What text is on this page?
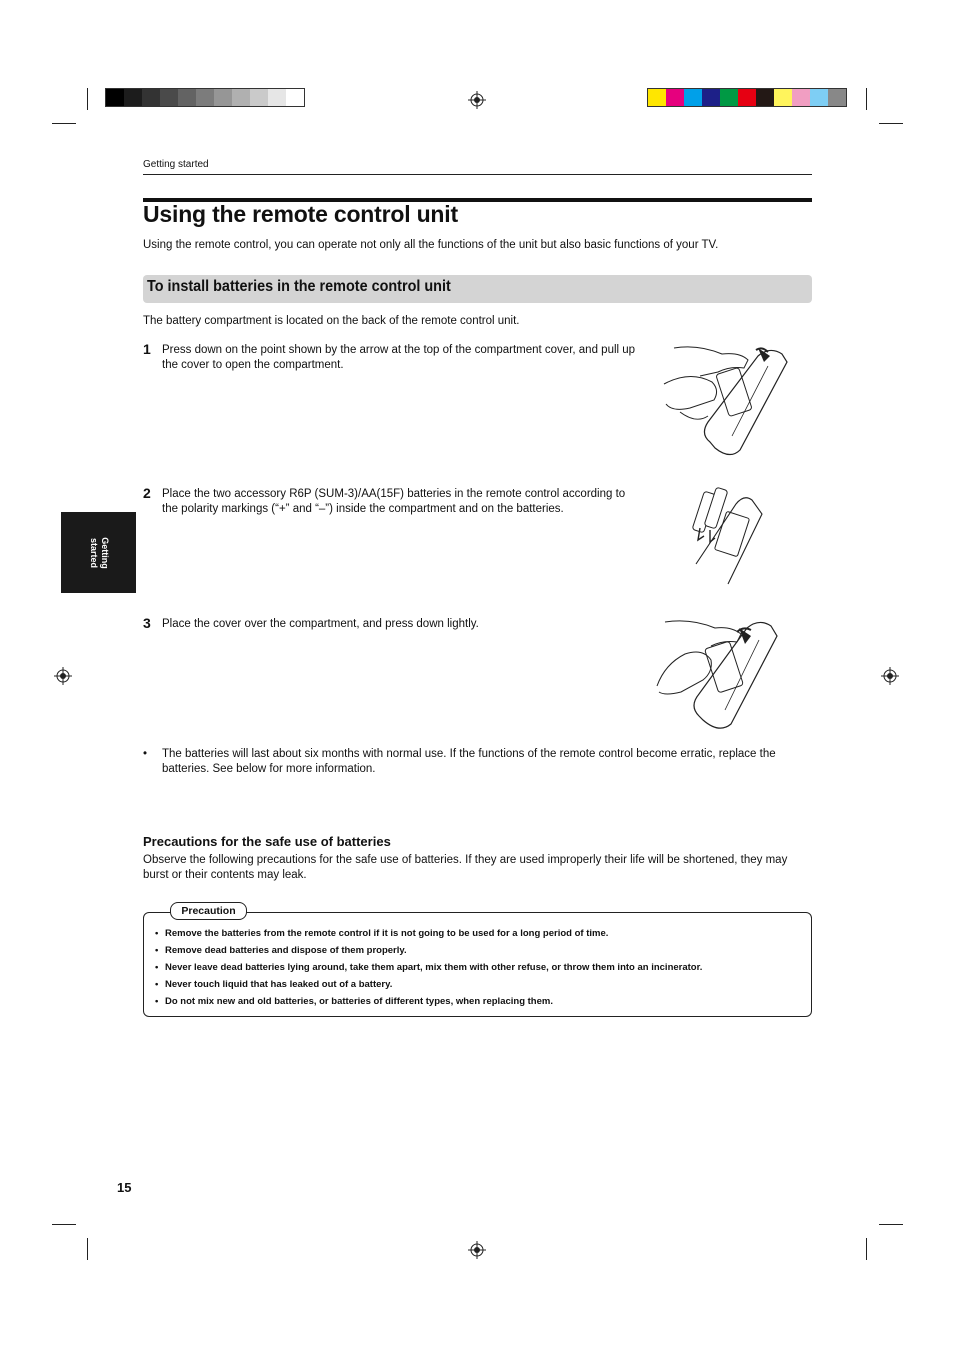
Getting started
Using the remote control unit
Using the remote control, you can operate not only all the functions of the unit but also basic functions of your TV.
To install batteries in the remote control unit
The battery compartment is located on the back of the remote control unit.
1 Press down on the point shown by the arrow at the top of the compartment cover, and pull up the cover to open the compartment.
2 Place the two accessory R6P (SUM-3)/AA(15F) batteries in the remote control according to the polarity markings (“+” and “–”) inside the compartment and on the batteries.
Getting
started
3 Place the cover over the compartment, and press down lightly.
• The batteries will last about six months with normal use. If the functions of the remote control become erratic, replace the batteries. See below for more information.
Precautions for the safe use of batteries
Observe the following precautions for the safe use of batteries. If they are used improperly their life will be shortened, they may burst or their contents may leak.
Precaution
• Remove the batteries from the remote control if it is not going to be used for a long period of time.
• Remove dead batteries and dispose of them properly.
• Never leave dead batteries lying around, take them apart, mix them with other refuse, or throw them into an incinerator.
• Never touch liquid that has leaked out of a battery.
• Do not mix new and old batteries, or batteries of different types, when replacing them.
15
